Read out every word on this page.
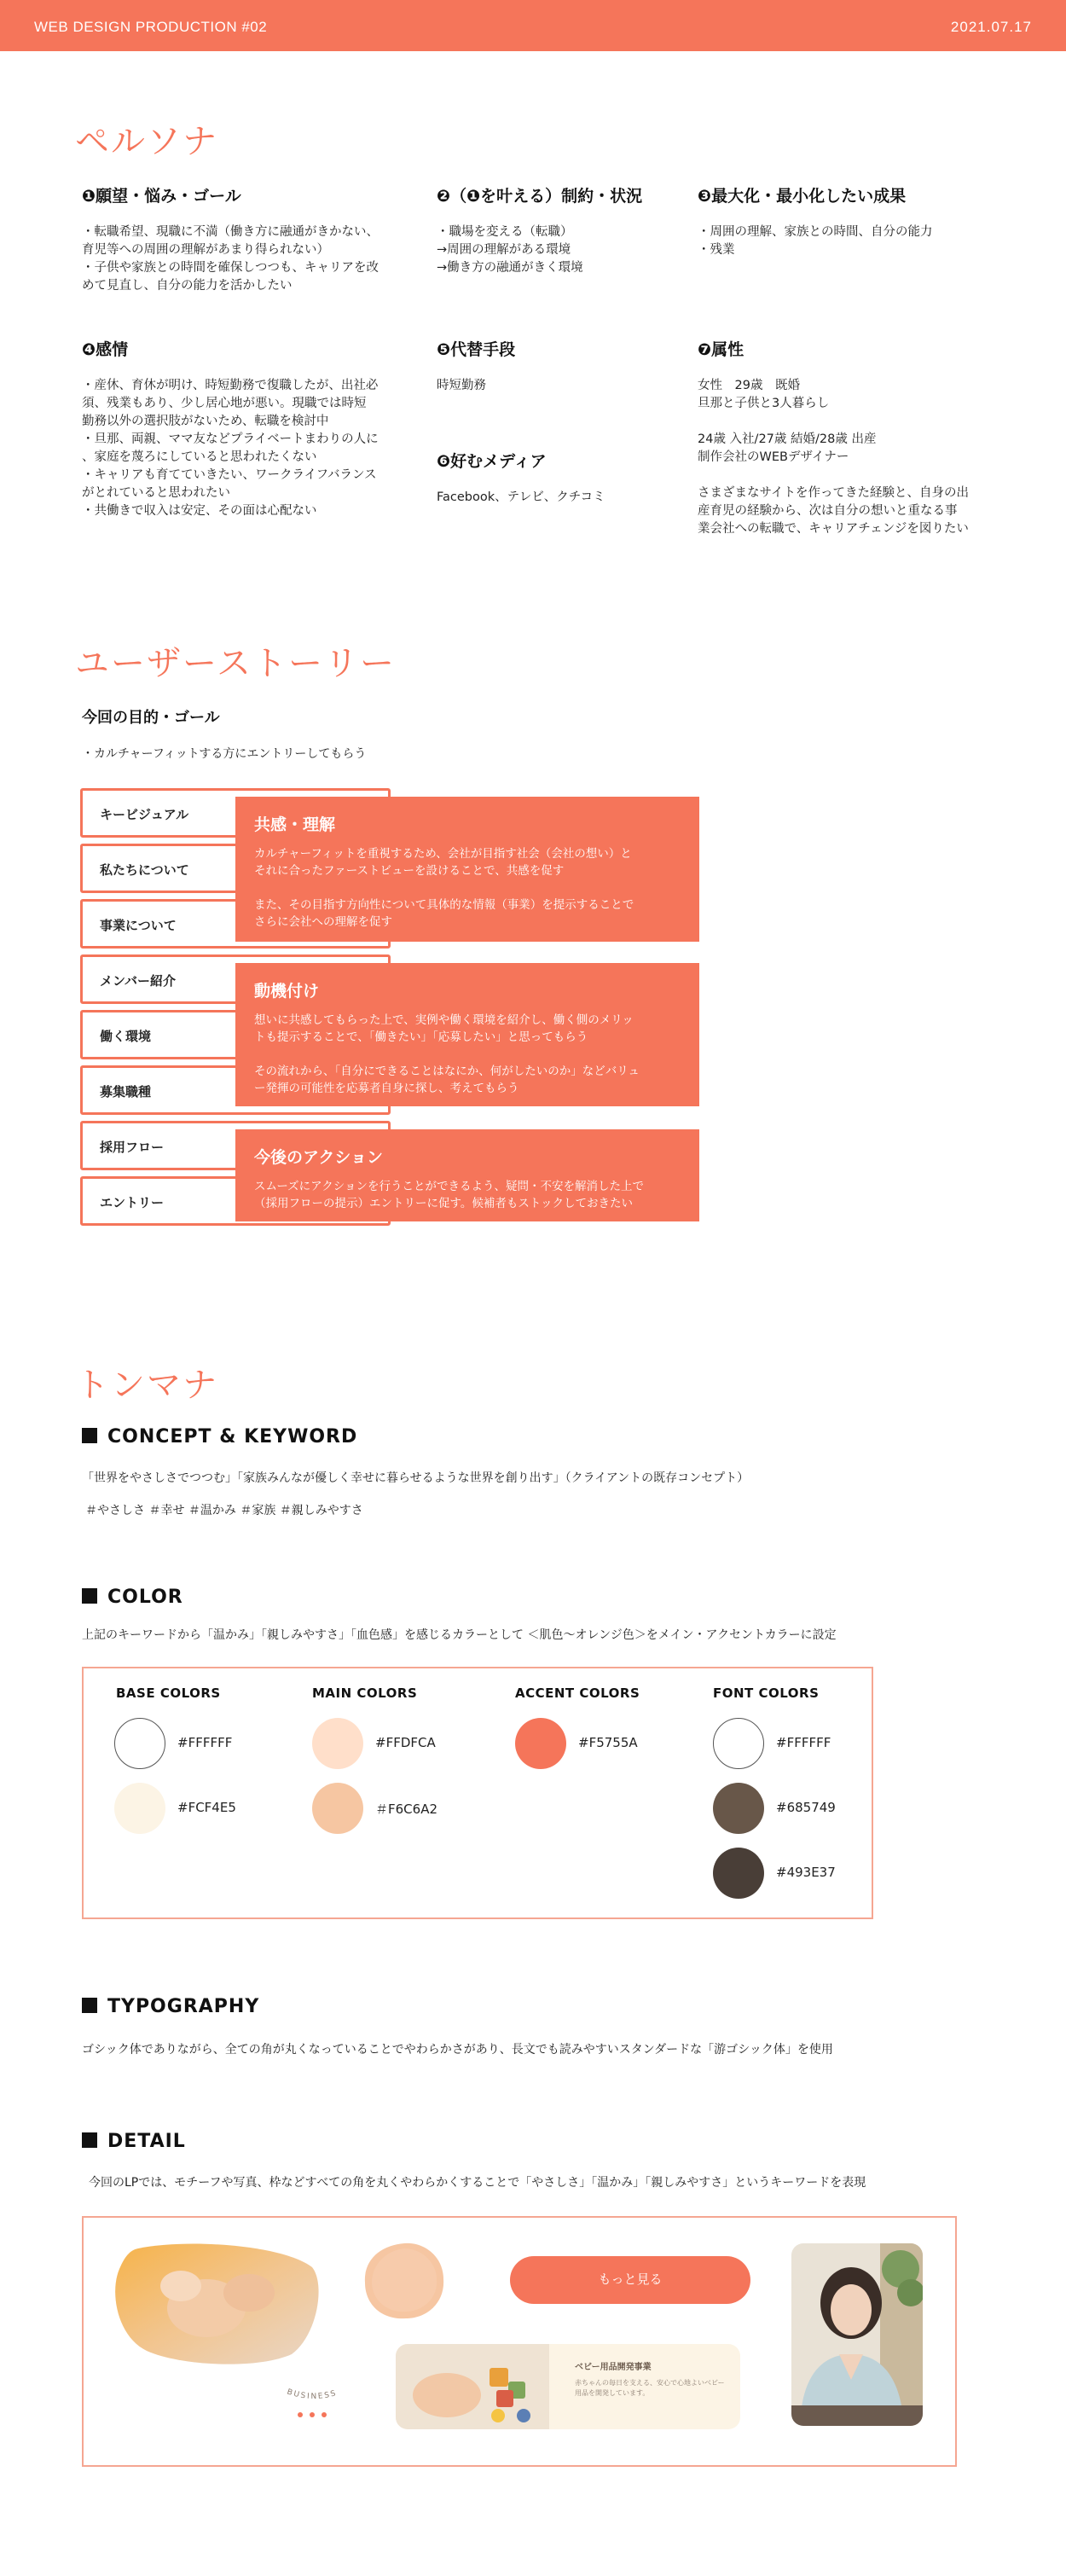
WEB DESIGN PRODUCTION #02	2021.07.17
ペルソナ
❶願望・悩み・ゴール
・転職希望、現職に不満（働き方に融通がきかない、
育児等への周囲の理解があまり得られない）
・子供や家族との時間を確保しつつも、キャリアを改
めて見直し、自分の能力を活かしたい
❷（❶を叶える）制約・状況
・職場を変える（転職）
→周囲の理解がある環境
→働き方の融通がきく環境
❸最大化・最小化したい成果
・周囲の理解、家族との時間、自分の能力
・残業
❹感情
・産休、育休が明け、時短勤務で復職したが、出社必
須、残業もあり、少し居心地が悪い。現職では時短
勤務以外の選択肢がないため、転職を検討中
・旦那、両親、ママ友などプライベートまわりの人に
、家庭を蔑ろにしていると思われたくない
・キャリアも育てていきたい、ワークライフバランス
がとれていると思われたい
・共働きで収入は安定、その面は心配ない
❺代替手段
時短勤務
❻好むメディア
Facebook、テレビ、クチコミ
❼属性
女性　29歳　既婚
旦那と子供と3人暮らし

24歳 入社/27歳 結婚/28歳 出産
制作会社のWEBデザイナー

さまざまなサイトを作ってきた経験と、自身の出
産育児の経験から、次は自分の想いと重なる事
業会社への転職で、キャリアチェンジを図りたい
ユーザーストーリー
今回の目的・ゴール
・カルチャーフィットする方にエントリーしてもらう
キービジュアル
私たちについて
事業について
メンバー紹介
働く環境
募集職種
採用フロー
エントリー
共感・理解

カルチャーフィットを重視するため、会社が目指す社会（会社の想い）と
それに合ったファーストビューを設けることで、共感を促す

また、その目指す方向性について具体的な情報（事業）を提示することで
さらに会社への理解を促す

動機付け

想いに共感してもらった上で、実例や働く環境を紹介し、働く側のメリッ
トも提示することで、「働きたい」「応募したい」と思ってもらう

その流れから、「自分にできることはなにか、何がしたいのか」などバリュ
ー発揮の可能性を応募者自身に探し、考えてもらう

今後のアクション

スムーズにアクションを行うことができるよう、疑問・不安を解消した上で
（採用フローの提示）エントリーに促す。候補者もストックしておきたい

トンマナ
CONCEPT & KEYWORD
「世界をやさしさでつつむ」「家族みんなが優しく幸せに暮らせるような世界を創り出す」（クライアントの既存コンセプト）
＃やさしさ ＃幸せ ＃温かみ ＃家族 ＃親しみやすさ
COLOR
上記のキーワードから「温かみ」「親しみやすさ」「血色感」を感じるカラーとして ＜肌色〜オレンジ色＞をメイン・アクセントカラーに設定
BASE COLORS
#FFFFFF
#FCF4E5
MAIN COLORS
#FFDFCA
＃F6C6A2
ACCENT COLORS
#F5755A
FONT COLORS
#FFFFFF
#685749
#493E37
TYPOGRAPHY
ゴシック体でありながら、全ての角が丸くなっていることでやわらかさがあり、長文でも読みやすいスタンダードな「游ゴシック体」を使用
DETAIL
今回のLPでは、モチーフや写真、枠などすべての角を丸くやわらかくすることで「やさしさ」「温かみ」「親しみやすさ」というキーワードを表現
もっと見る
BUSINESS
ベビー用品開発事業
赤ちゃんの毎日を支える、安心で心地よいベビー用品を開発しています。
